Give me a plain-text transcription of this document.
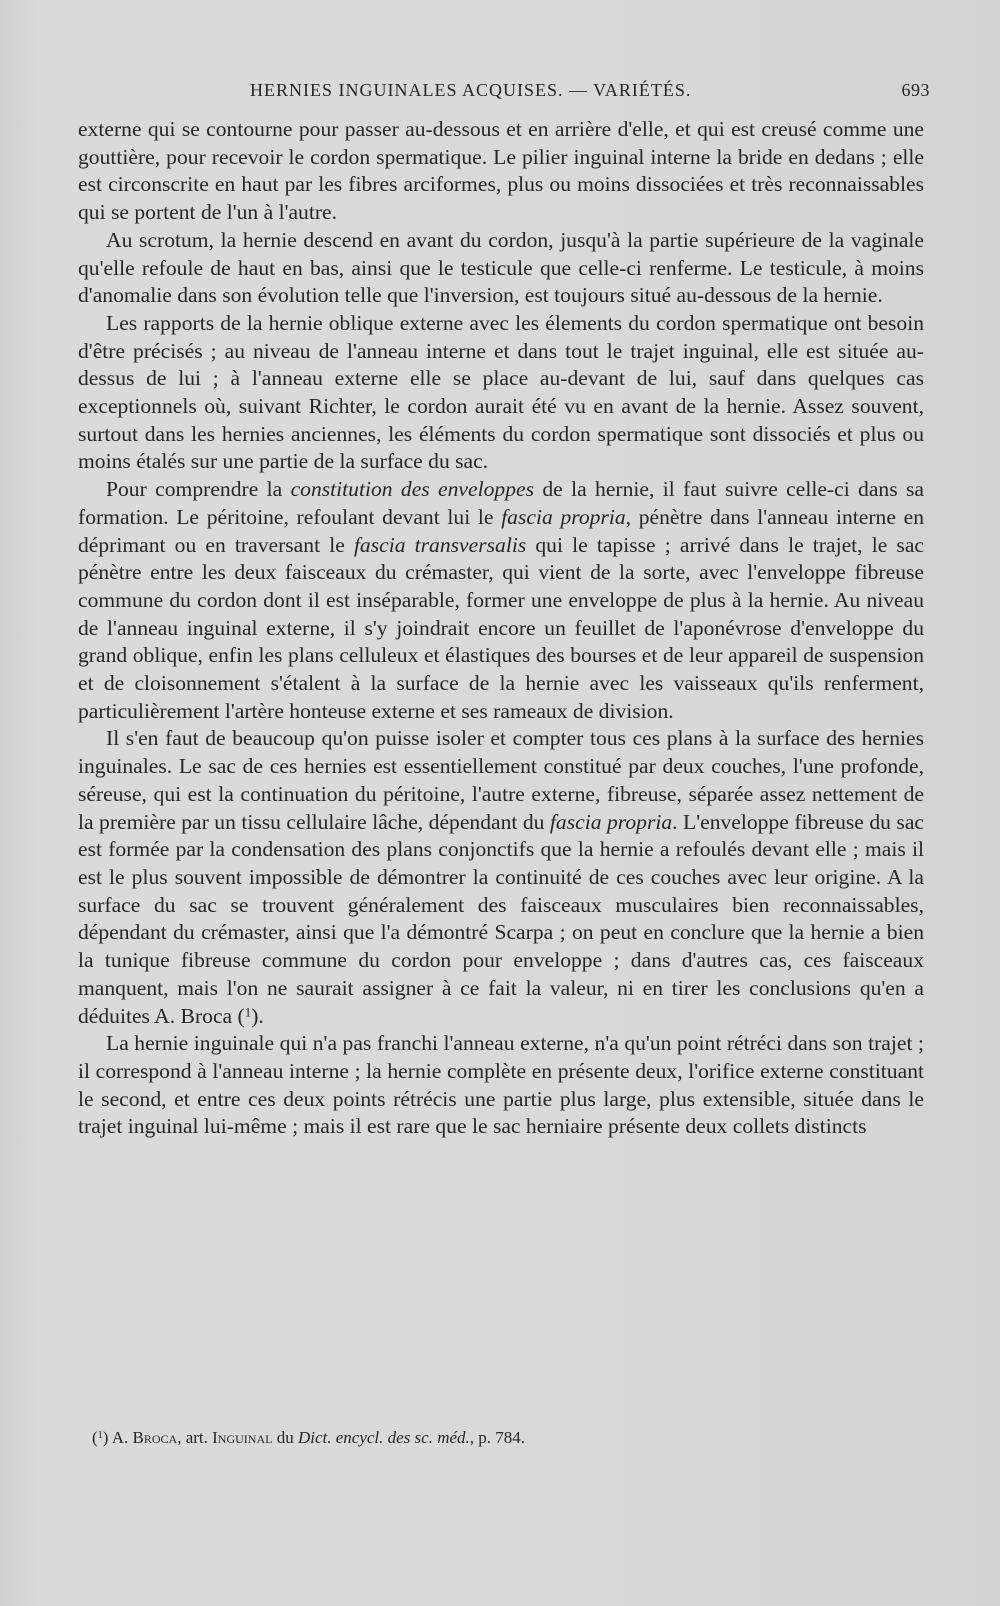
HERNIES INGUINALES ACQUISES. — VARIÉTÉS.	693

externe qui se contourne pour passer au-dessous et en arrière d'elle, et qui est creusé comme une gouttière, pour recevoir le cordon spermatique. Le pilier inguinal interne la bride en dedans ; elle est circonscrite en haut par les fibres arciformes, plus ou moins dissociées et très reconnaissables qui se portent de l'un à l'autre.

Au scrotum, la hernie descend en avant du cordon, jusqu'à la partie supérieure de la vaginale qu'elle refoule de haut en bas, ainsi que le testicule que celle-ci renferme. Le testicule, à moins d'anomalie dans son évolution telle que l'inversion, est toujours situé au-dessous de la hernie.

Les rapports de la hernie oblique externe avec les élements du cordon spermatique ont besoin d'être précisés ; au niveau de l'anneau interne et dans tout le trajet inguinal, elle est située au-dessus de lui ; à l'anneau externe elle se place au-devant de lui, sauf dans quelques cas exceptionnels où, suivant Richter, le cordon aurait été vu en avant de la hernie. Assez souvent, surtout dans les hernies anciennes, les éléments du cordon spermatique sont dissociés et plus ou moins étalés sur une partie de la surface du sac.

Pour comprendre la constitution des enveloppes de la hernie, il faut suivre celle-ci dans sa formation. Le péritoine, refoulant devant lui le fascia propria, pénètre dans l'anneau interne en déprimant ou en traversant le fascia transversalis qui le tapisse ; arrivé dans le trajet, le sac pénètre entre les deux faisceaux du crémaster, qui vient de la sorte, avec l'enveloppe fibreuse commune du cordon dont il est inséparable, former une enveloppe de plus à la hernie. Au niveau de l'anneau inguinal externe, il s'y joindrait encore un feuillet de l'aponévrose d'enveloppe du grand oblique, enfin les plans celluleux et élastiques des bourses et de leur appareil de suspension et de cloisonnement s'étalent à la surface de la hernie avec les vaisseaux qu'ils renferment, particulièrement l'artère honteuse externe et ses rameaux de division.

Il s'en faut de beaucoup qu'on puisse isoler et compter tous ces plans à la surface des hernies inguinales. Le sac de ces hernies est essentiellement constitué par deux couches, l'une profonde, séreuse, qui est la continuation du péritoine, l'autre externe, fibreuse, séparée assez nettement de la première par un tissu cellulaire lâche, dépendant du fascia propria. L'enveloppe fibreuse du sac est formée par la condensation des plans conjonctifs que la hernie a refoulés devant elle ; mais il est le plus souvent impossible de démontrer la continuité de ces couches avec leur origine. A la surface du sac se trouvent généralement des faisceaux musculaires bien reconnaissables, dépendant du crémaster, ainsi que l'a démontré Scarpa ; on peut en conclure que la hernie a bien la tunique fibreuse commune du cordon pour enveloppe ; dans d'autres cas, ces faisceaux manquent, mais l'on ne saurait assigner à ce fait la valeur, ni en tirer les conclusions qu'en a déduites A. Broca ($^1$).

La hernie inguinale qui n'a pas franchi l'anneau externe, n'a qu'un point rétréci dans son trajet ; il correspond à l'anneau interne ; la hernie complète en présente deux, l'orifice externe constituant le second, et entre ces deux points rétrécis une partie plus large, plus extensible, située dans le trajet inguinal lui-même ; mais il est rare que le sac herniaire présente deux collets distincts

($^1$) A. Broca, art. Inguinal du Dict. encycl. des sc. méd., p. 784.
